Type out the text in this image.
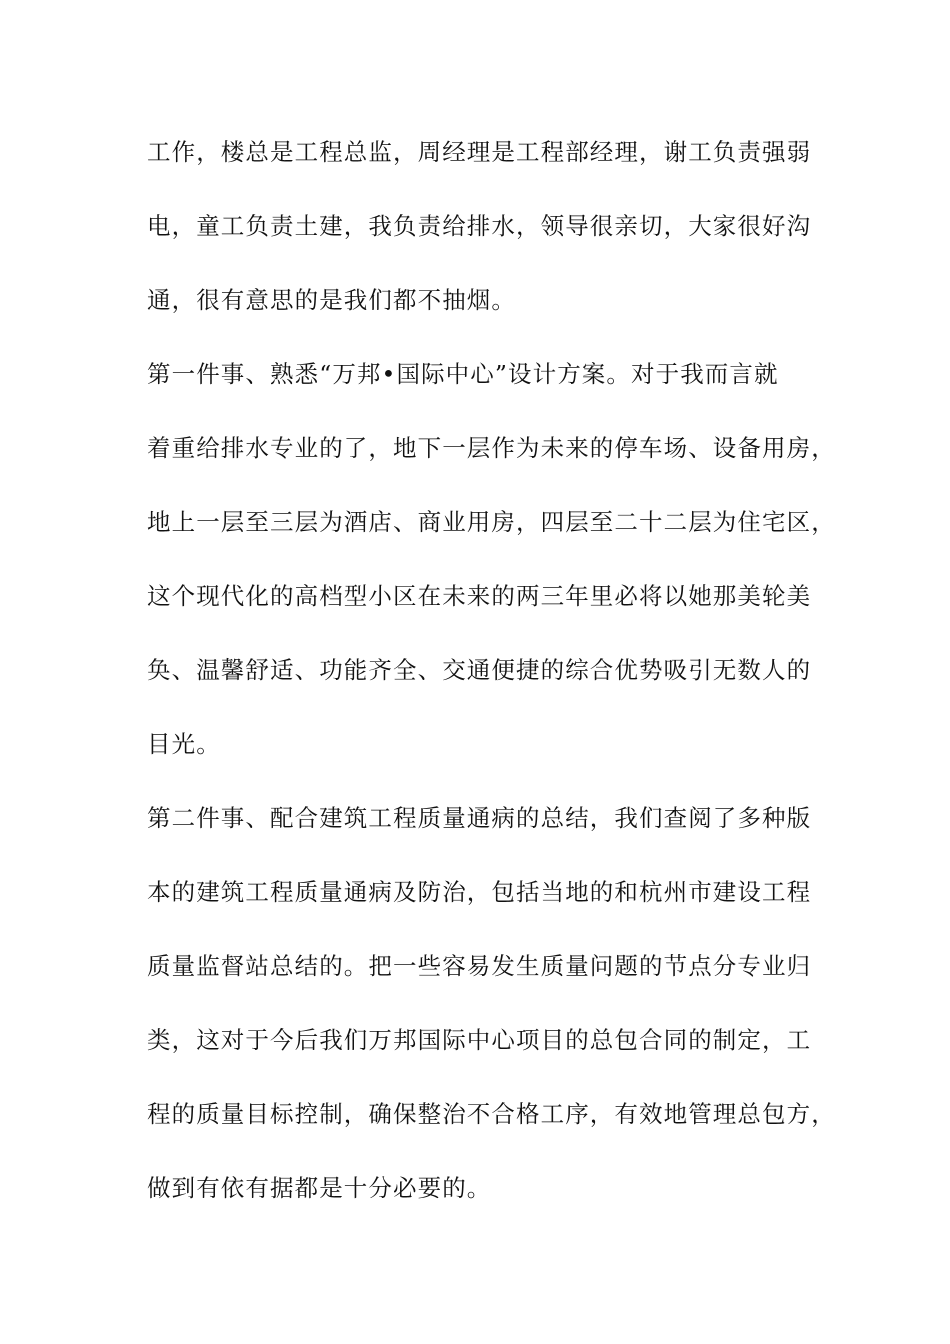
工作，楼总是工程总监，周经理是工程部经理，谢工负责强弱
电，童工负责土建，我负责给排水，领导很亲切，大家很好沟
通，很有意思的是我们都不抽烟。
第一件事、熟悉“万邦•国际中心”设计方案。对于我而言就
着重给排水专业的了，地下一层作为未来的停车场、设备用房，
地上一层至三层为酒店、商业用房，四层至二十二层为住宅区，
这个现代化的高档型小区在未来的两三年里必将以她那美轮美
奂、温馨舒适、功能齐全、交通便捷的综合优势吸引无数人的
目光。
第二件事、配合建筑工程质量通病的总结，我们查阅了多种版
本的建筑工程质量通病及防治，包括当地的和杭州市建设工程
质量监督站总结的。把一些容易发生质量问题的节点分专业归
类，这对于今后我们万邦国际中心项目的总包合同的制定，工
程的质量目标控制，确保整治不合格工序，有效地管理总包方，
做到有依有据都是十分必要的。
